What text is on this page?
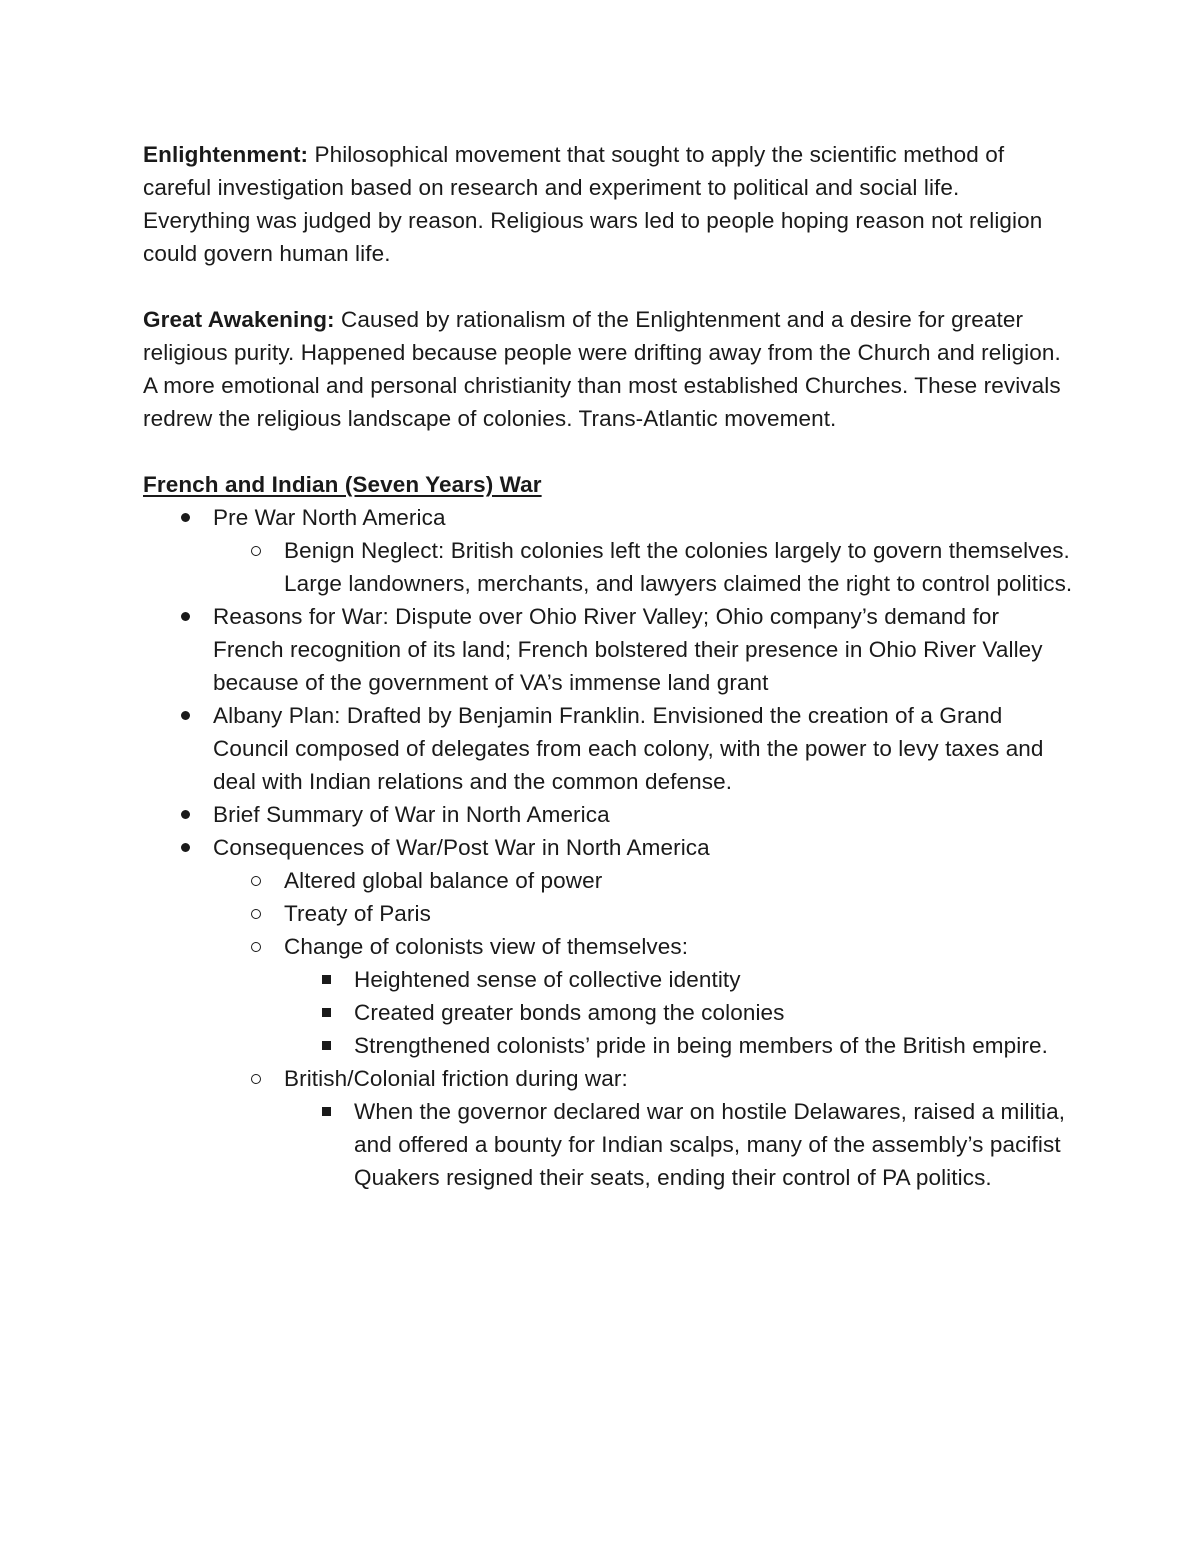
Enlightenment: Philosophical movement that sought to apply the scientific method of careful investigation based on research and experiment to political and social life. Everything was judged by reason. Religious wars led to people hoping reason not religion could govern human life.

Great Awakening: Caused by rationalism of the Enlightenment and a desire for greater religious purity. Happened because people were drifting away from the Church and religion. A more emotional and personal christianity than most established Churches. These revivals redrew the religious landscape of colonies. Trans-Atlantic movement.

French and Indian (Seven Years) War
Pre War North America
Benign Neglect: British colonies left the colonies largely to govern themselves. Large landowners, merchants, and lawyers claimed the right to control politics.
Reasons for War: Dispute over Ohio River Valley; Ohio company’s demand for French recognition of its land; French bolstered their presence in Ohio River Valley because of the government of VA’s immense land grant
Albany Plan: Drafted by Benjamin Franklin. Envisioned the creation of a Grand Council composed of delegates from each colony, with the power to levy taxes and deal with Indian relations and the common defense.
Brief Summary of War in North America
Consequences of War/Post War in North America
Altered global balance of power
Treaty of Paris
Change of colonists view of themselves:
Heightened sense of collective identity
Created greater bonds among the colonies
Strengthened colonists’ pride in being members of the British empire.
British/Colonial friction during war:
When the governor declared war on hostile Delawares, raised a militia, and offered a bounty for Indian scalps, many of the assembly’s pacifist Quakers resigned their seats, ending their control of PA politics.
